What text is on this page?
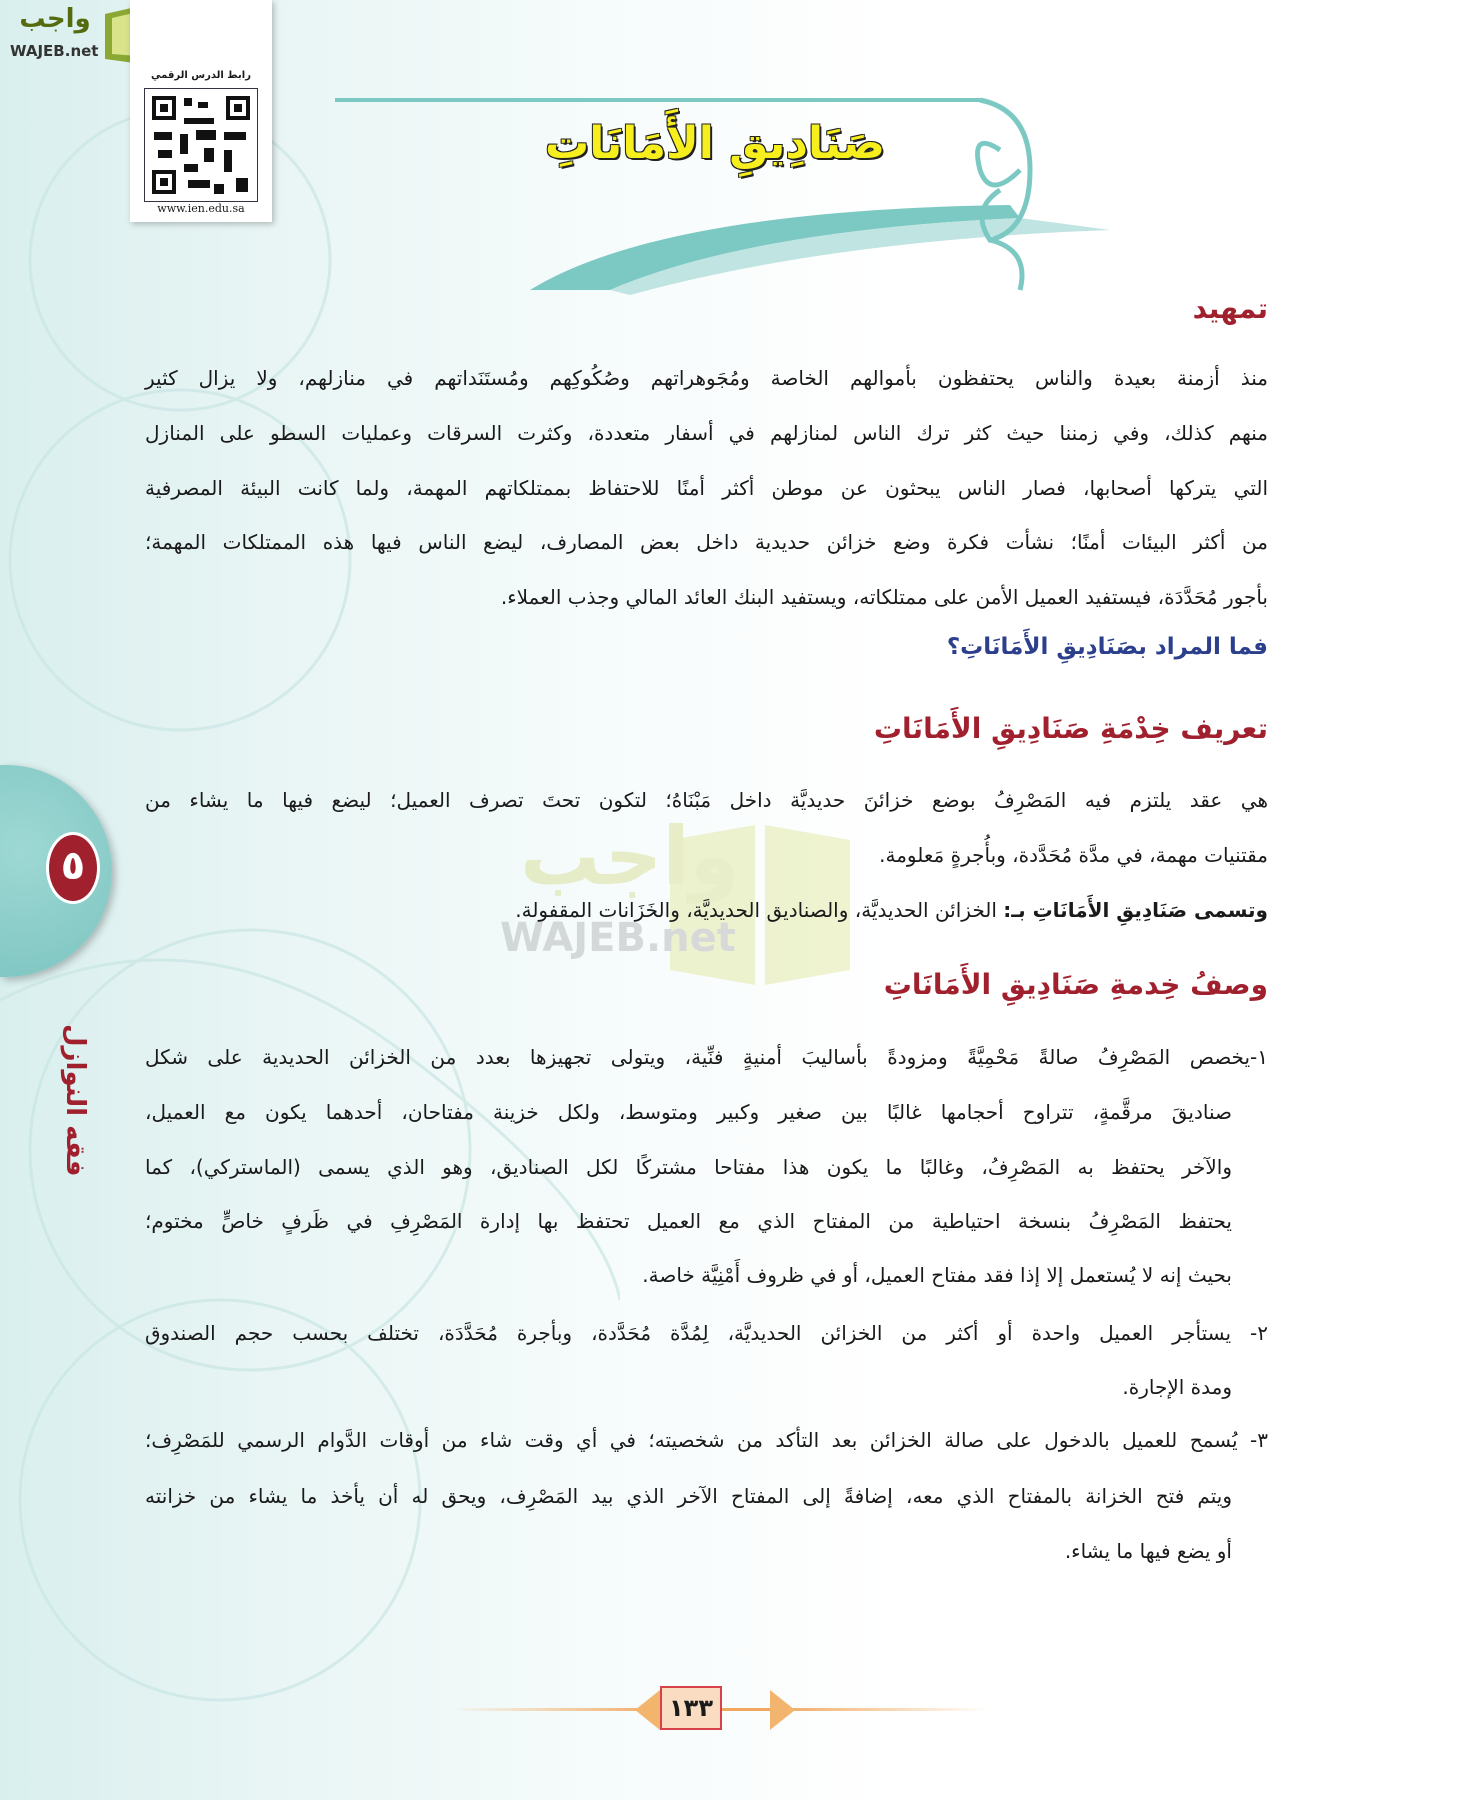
واجب
WAJEB.net
رابط الدرس الرقمي
www.ien.edu.sa
صَنَادِيقِ الأَمَانَاتِ
تمهيد
منذ أزمنة بعيدة والناس يحتفظون بأموالهم الخاصة ومُجَوهراتهم وصُكُوكِهم ومُستَنَداتهم في منازلهم، ولا يزال كثير
منهم كذلك، وفي زمننا حيث كثر ترك الناس لمنازلهم في أسفار متعددة، وكثرت السرقات وعمليات السطو على المنازل
التي يتركها أصحابها، فصار الناس يبحثون عن موطن أكثر أمنًا للاحتفاظ بممتلكاتهم المهمة، ولما كانت البيئة المصرفية
من أكثر البيئات أمنًا؛ نشأت فكرة وضع خزائن حديدية داخل بعض المصارف، ليضع الناس فيها هذه الممتلكات المهمة؛
بأجور مُحَدَّدَة، فيستفيد العميل الأمن على ممتلكاته، ويستفيد البنك العائد المالي وجذب العملاء.
فما المراد بصَنَادِيقِ الأَمَانَاتِ؟
واجب
WAJEB.net
تعريف خِدْمَةِ صَنَادِيقِ الأَمَانَاتِ
هي عقد يلتزم فيه المَصْرِفُ بوضع خزائنَ حديديَّة داخل مَبْنَاهُ؛ لتكون تحتَ تصرف العميل؛ ليضع فيها ما يشاء من
مقتنيات مهمة، في مدَّة مُحَدَّدة، وبأُجرةٍ مَعلومة.
وتسمى صَنَادِيقِ الأَمَانَاتِ بـ: الخزائن الحديديَّة، والصناديق الحديديَّة، والخَزَانات المقفولة.
وصفُ خِدمةِ صَنَادِيقِ الأَمَانَاتِ
١-يخصص المَصْرِفُ صالةً مَحْمِيَّةً ومزودةً بأساليبَ أمنيةٍ فنِّية، ويتولى تجهيزها بعدد من الخزائن الحديدية على شكل
صناديقَ مرقَّمةٍ، تتراوح أحجامها غالبًا بين صغير وكبير ومتوسط، ولكل خزينة مفتاحان، أحدهما يكون مع العميل،
والآخر يحتفظ به المَصْرِفُ، وغالبًا ما يكون هذا مفتاحا مشتركًا لكل الصناديق، وهو الذي يسمى (الماستركي)، كما
يحتفظ المَصْرِفُ بنسخة احتياطية من المفتاح الذي مع العميل تحتفظ بها إدارة المَصْرِفِ في ظَرفٍ خاصٍّ مختوم؛
بحيث إنه لا يُستعمل إلا إذا فقد مفتاح العميل، أو في ظروف أَمْنِيَّة خاصة.
٢- يستأجر العميل واحدة أو أكثر من الخزائن الحديديَّة، لِمُدَّة مُحَدَّدة، وبأجرة مُحَدَّدَة، تختلف بحسب حجم الصندوق
ومدة الإجارة.
٣- يُسمح للعميل بالدخول على صالة الخزائن بعد التأكد من شخصيته؛ في أي وقت شاء من أوقات الدَّوام الرسمي للمَصْرِف؛
ويتم فتح الخزانة بالمفتاح الذي معه، إضافةً إلى المفتاح الآخر الذي بيد المَصْرِف، ويحق له أن يأخذ ما يشاء من خزانته
أو يضع فيها ما يشاء.
٥
فقه النوازل
١٣٣
